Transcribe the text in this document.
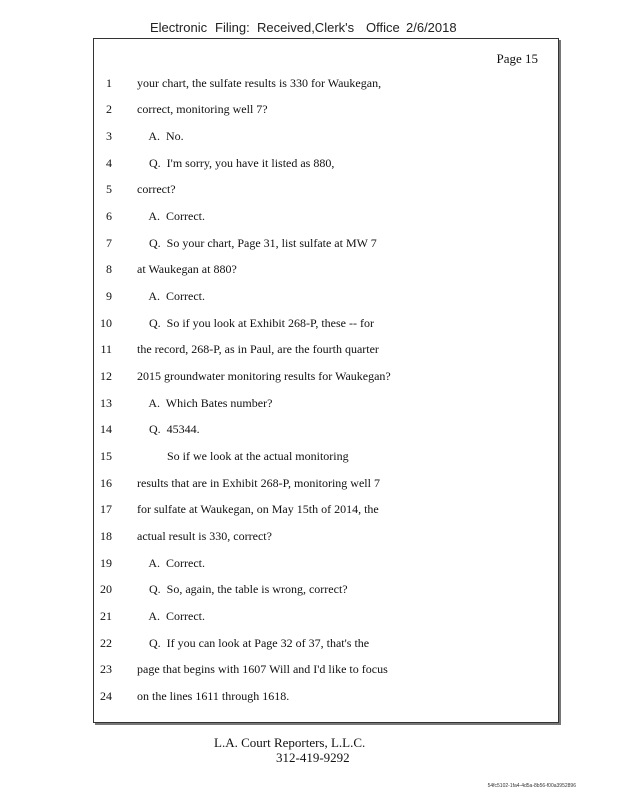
Electronic Filing: Received,Clerk's Office 2/6/2018
Page 15
1 your chart, the sulfate results is 330 for Waukegan,
2 correct, monitoring well 7?
3 A.  No.
4 Q.  I'm sorry, you have it listed as 880,
5 correct?
6 A.  Correct.
7 Q.  So your chart, Page 31, list sulfate at MW 7
8 at Waukegan at 880?
9 A.  Correct.
10 Q.  So if you look at Exhibit 268-P, these -- for
11 the record, 268-P, as in Paul, are the fourth quarter
12 2015 groundwater monitoring results for Waukegan?
13 A.  Which Bates number?
14 Q.  45344.
15 So if we look at the actual monitoring
16 results that are in Exhibit 268-P, monitoring well 7
17 for sulfate at Waukegan, on May 15th of 2014, the
18 actual result is 330, correct?
19 A.  Correct.
20 Q.  So, again, the table is wrong, correct?
21 A.  Correct.
22 Q.  If you can look at Page 32 of 37, that's the
23 page that begins with 1607 Will and I'd like to focus
24 on the lines 1611 through 1618.
L.A. Court Reporters, L.L.C.
312-419-9292
54fc5102-1fa4-4d5a-8b56-f00a3952896
